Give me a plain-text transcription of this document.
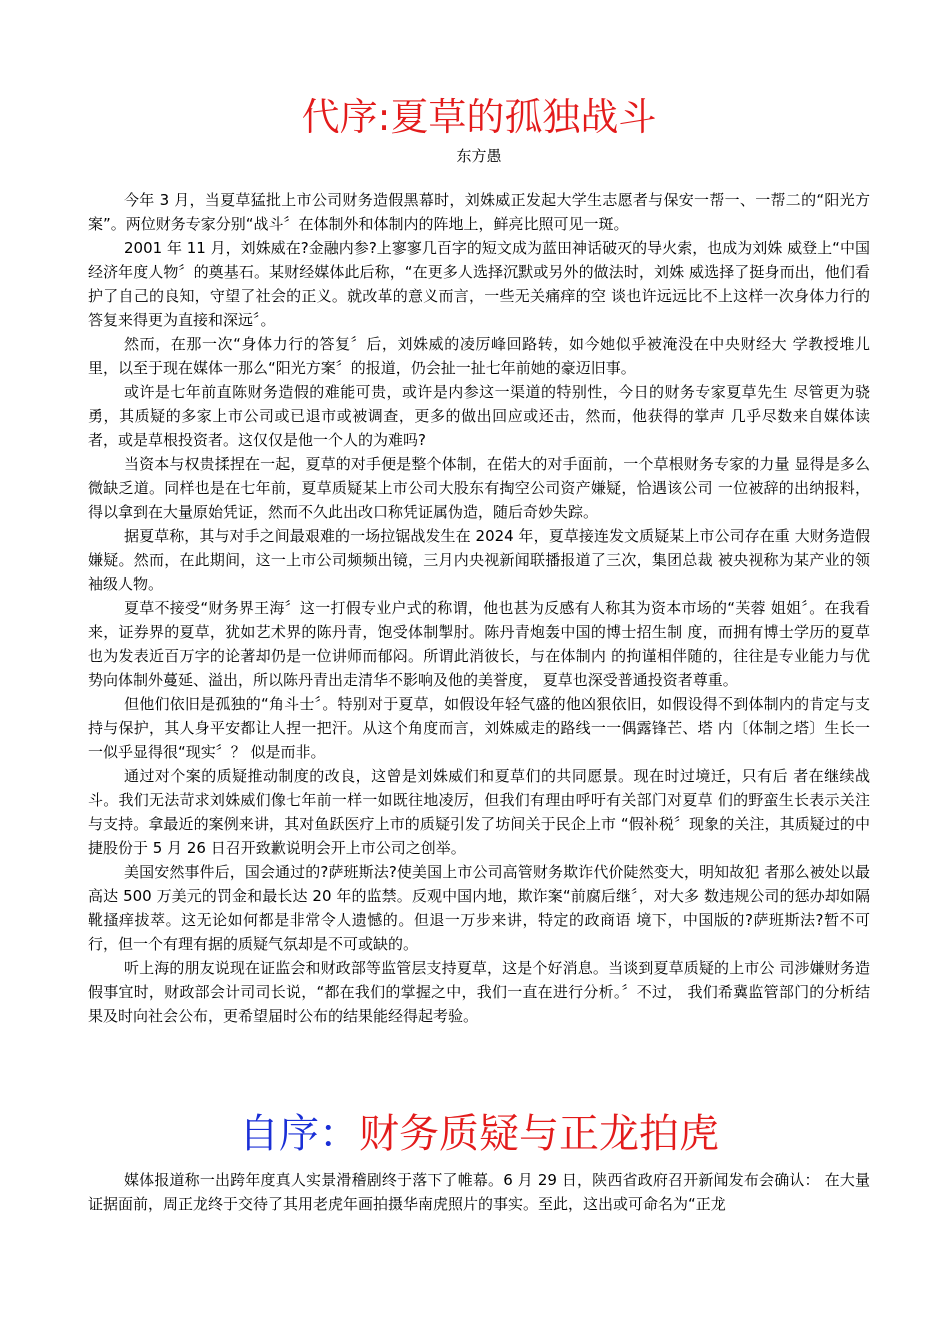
代序:夏草的孤独战斗
东方愚

今年 3 月，当夏草猛批上市公司财务造假黑幕时，刘姝威正发起大学生志愿者与保安一帮一、一帮二的“阳光方案”。两位财务专家分别“战斗〞在体制外和体制内的阵地上，鲜亮比照可见一斑。

2001 年 11 月，刘姝威在?金融内参?上寥寥几百字的短文成为蓝田神话破灭的导火索，也成为刘姝 威登上“中国经济年度人物〞的奠基石。某财经媒体此后称，“在更多人选择沉默或另外的做法时，刘姝 威选择了挺身而出，他们看护了自己的良知，守望了社会的正义。就改革的意义而言，一些无关痛痒的空 谈也许远远比不上这样一次身体力行的答复来得更为直接和深远〞。

然而，在那一次“身体力行的答复〞后，刘姝威的凌厉峰回路转，如今她似乎被淹没在中央财经大 学教授堆儿里，以至于现在媒体一那么“阳光方案〞的报道，仍会扯一扯七年前她的豪迈旧事。

或许是七年前直陈财务造假的难能可贵，或许是内参这一渠道的特别性，今日的财务专家夏草先生 尽管更为骁勇，其质疑的多家上市公司或已退市或被调查，更多的做出回应或还击，然而，他获得的掌声 几乎尽数来自媒体读者，或是草根投资者。这仅仅是他一个人的为难吗?

当资本与权贵揉捏在一起，夏草的对手便是整个体制，在偌大的对手面前，一个草根财务专家的力量 显得是多么微缺乏道。同样也是在七年前，夏草质疑某上市公司大股东有掏空公司资产嫌疑，恰遇该公司 一位被辞的出纳报料，得以拿到在大量原始凭证，然而不久此出改口称凭证属伪造，随后奇妙失踪。

据夏草称，其与对手之间最艰难的一场拉锯战发生在 2024 年，夏草接连发文质疑某上市公司存在重 大财务造假嫌疑。然而，在此期间，这一上市公司频频出镜，三月内央视新闻联播报道了三次，集团总裁 被央视称为某产业的领袖级人物。

夏草不接受“财务界王海〞这一打假专业户式的称谓，他也甚为反感有人称其为资本市场的“芙蓉 姐姐〞。在我看来，证券界的夏草，犹如艺术界的陈丹青，饱受体制掣肘。陈丹青炮轰中国的博士招生制 度，而拥有博士学历的夏草也为发表近百万字的论著却仍是一位讲师而郁闷。所谓此消彼长，与在体制内 的拘谨相伴随的，往往是专业能力与优势向体制外蔓延、溢出，所以陈丹青出走清华不影响及他的美誉度， 夏草也深受普通投资者尊重。

但他们依旧是孤独的“角斗士〞。特别对于夏草，如假设年轻气盛的他凶狠依旧，如假设得不到体制内的肯定与支持与保护，其人身平安都让人捏一把汗。从这个角度而言，刘姝威走的路线一一偶露锋芒、塔 内〔体制之塔〕生长一一似乎显得很“现实〞？ 似是而非。

通过对个案的质疑推动制度的改良，这曾是刘姝威们和夏草们的共同愿景。现在时过境迁，只有后 者在继续战斗。我们无法苛求刘姝威们像七年前一样一如既往地凌厉，但我们有理由呼吁有关部门对夏草 们的野蛮生长表示关注与支持。拿最近的案例来讲，其对鱼跃医疗上市的质疑引发了坊间关于民企上市 “假补税〞现象的关注，其质疑过的中捷股份于 5 月 26 日召开致歉说明会开上市公司之创举。

美国安然事件后，国会通过的?萨班斯法?使美国上市公司高管财务欺诈代价陡然变大，明知故犯 者那么被处以最高达 500 万美元的罚金和最长达 20 年的监禁。反观中国内地，欺诈案“前腐后继〞，对大多 数违规公司的惩办却如隔靴搔痒拔萃。这无论如何都是非常令人遗憾的。但退一万步来讲，特定的政商语 境下，中国版的?萨班斯法?暂不可行，但一个有理有据的质疑气氛却是不可或缺的。

听上海的朋友说现在证监会和财政部等监管层支持夏草，这是个好消息。当谈到夏草质疑的上市公 司涉嫌财务造假事宜时，财政部会计司司长说，“都在我们的掌握之中，我们一直在进行分析。〞不过， 我们希冀监管部门的分析结果及时向社会公布，更希望届时公布的结果能经得起考验。

自序：财务质疑与正龙拍虎

媒体报道称一出跨年度真人实景滑稽剧终于落下了帷幕。6 月 29 日，陕西省政府召开新闻发布会确认： 在大量证据面前，周正龙终于交待了其用老虎年画拍摄华南虎照片的事实。至此，这出或可命名为“正龙
